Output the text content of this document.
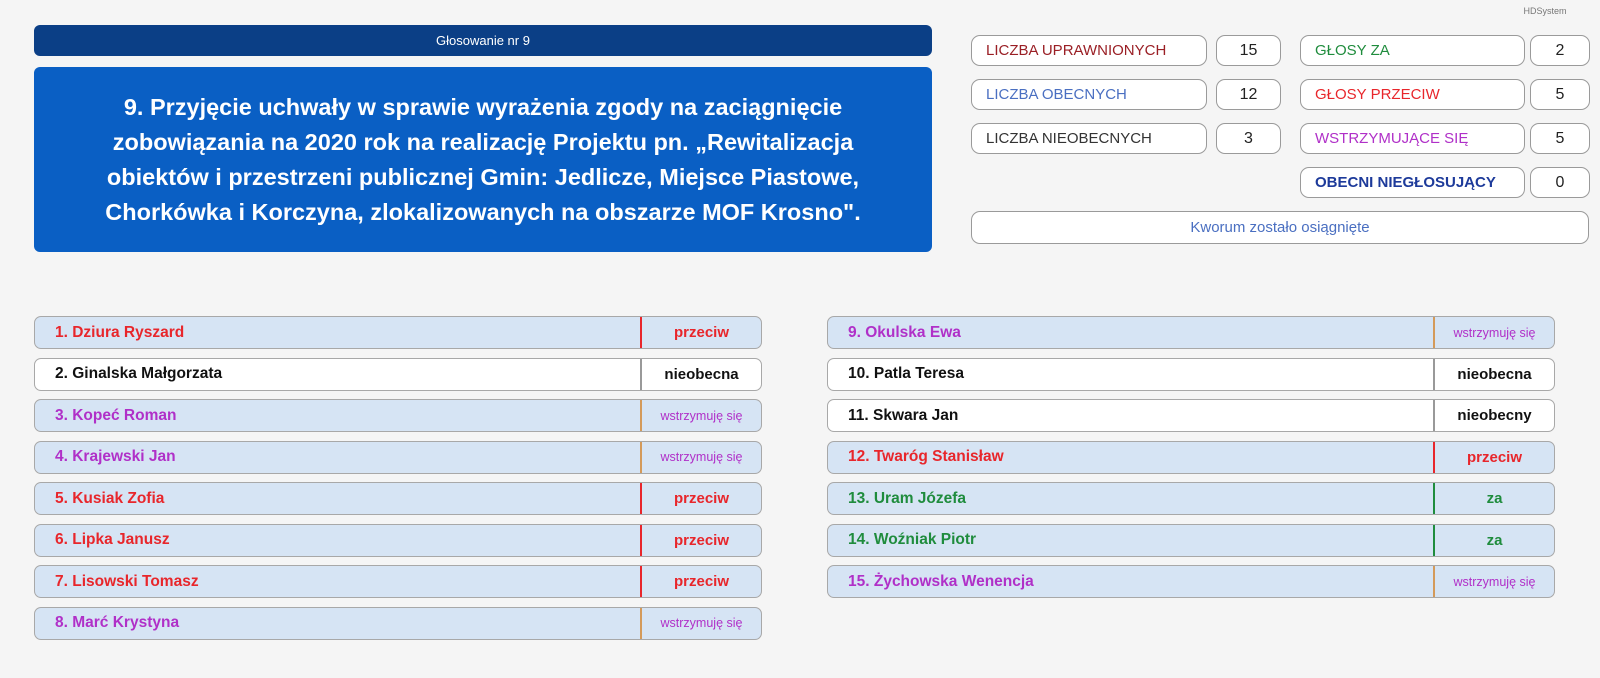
HDSystem
Głosowanie nr 9
9. Przyjęcie uchwały w sprawie wyrażenia zgody na zaciągnięcie zobowiązania na 2020 rok na realizację Projektu pn. „Rewitalizacja obiektów i przestrzeni publicznej Gmin: Jedlicze, Miejsce Piastowe, Chorkówka i Korczyna, zlokalizowanych na obszarze MOF Krosno".
LICZBA UPRAWNIONYCH	15
LICZBA OBECNYCH	12
LICZBA NIEOBECNYCH	3
GŁOSY ZA	2
GŁOSY PRZECIW	5
WSTRZYMUJĄCE SIĘ	5
OBECNI NIEGŁOSUJĄCY	0
Kworum zostało osiągnięte
1. Dziura Ryszard	przeciw
2. Ginalska Małgorzata	nieobecna
3. Kopeć Roman	wstrzymuję się
4. Krajewski Jan	wstrzymuję się
5. Kusiak Zofia	przeciw
6. Lipka Janusz	przeciw
7. Lisowski Tomasz	przeciw
8. Marć Krystyna	wstrzymuję się
9. Okulska Ewa	wstrzymuję się
10. Patla Teresa	nieobecna
11. Skwara Jan	nieobecny
12. Twaróg Stanisław	przeciw
13. Uram Józefa	za
14. Woźniak Piotr	za
15. Żychowska Wenencja	wstrzymuję się
